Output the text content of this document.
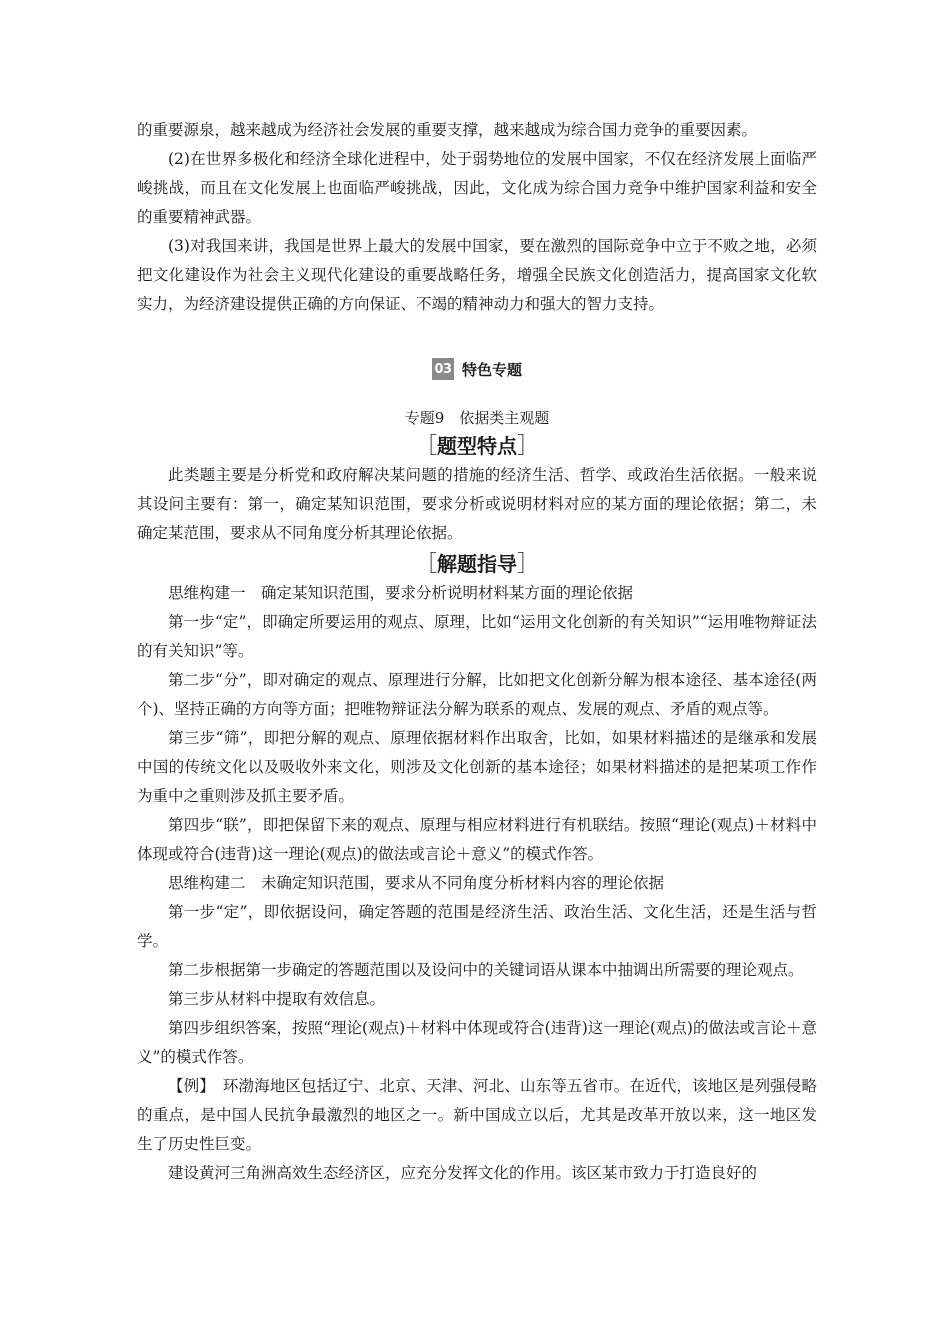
的重要源泉，越来越成为经济社会发展的重要支撑，越来越成为综合国力竞争的重要因素。

(2)在世界多极化和经济全球化进程中，处于弱势地位的发展中国家，不仅在经济发展上面临严峻挑战，而且在文化发展上也面临严峻挑战，因此，文化成为综合国力竞争中维护国家利益和安全的重要精神武器。

(3)对我国来讲，我国是世界上最大的发展中国家，要在激烈的国际竞争中立于不败之地，必须把文化建设作为社会主义现代化建设的重要战略任务，增强全民族文化创造活力，提高国家文化软实力，为经济建设提供正确的方向保证、不竭的精神动力和强大的智力支持。

03 特色专题
专题9　依据类主观题
［题型特点］

此类题主要是分析党和政府解决某问题的措施的经济生活、哲学、或政治生活依据。一般来说其设问主要有：第一，确定某知识范围，要求分析或说明材料对应的某方面的理论依据；第二，未确定某范围，要求从不同角度分析其理论依据。

［解题指导］

思维构建一　确定某知识范围，要求分析说明材料某方面的理论依据

第一步“定”，即确定所要运用的观点、原理，比如“运用文化创新的有关知识”“运用唯物辩证法的有关知识”等。

第二步“分”，即对确定的观点、原理进行分解，比如把文化创新分解为根本途径、基本途径(两个)、坚持正确的方向等方面；把唯物辩证法分解为联系的观点、发展的观点、矛盾的观点等。

第三步“筛”，即把分解的观点、原理依据材料作出取舍，比如，如果材料描述的是继承和发展中国的传统文化以及吸收外来文化，则涉及文化创新的基本途径；如果材料描述的是把某项工作作为重中之重则涉及抓主要矛盾。

第四步“联”，即把保留下来的观点、原理与相应材料进行有机联结。按照“理论(观点)＋材料中体现或符合(违背)这一理论(观点)的做法或言论＋意义”的模式作答。

思维构建二　未确定知识范围，要求从不同角度分析材料内容的理论依据

第一步“定”，即依据设问，确定答题的范围是经济生活、政治生活、文化生活，还是生活与哲学。

第二步根据第一步确定的答题范围以及设问中的关键词语从课本中抽调出所需要的理论观点。

第三步从材料中提取有效信息。

第四步组织答案，按照“理论(观点)＋材料中体现或符合(违背)这一理论(观点)的做法或言论＋意义”的模式作答。

【例】　环渤海地区包括辽宁、北京、天津、河北、山东等五省市。在近代，该地区是列强侵略的重点，是中国人民抗争最激烈的地区之一。新中国成立以后，尤其是改革开放以来，这一地区发生了历史性巨变。

建设黄河三角洲高效生态经济区，应充分发挥文化的作用。该区某市致力于打造良好的
